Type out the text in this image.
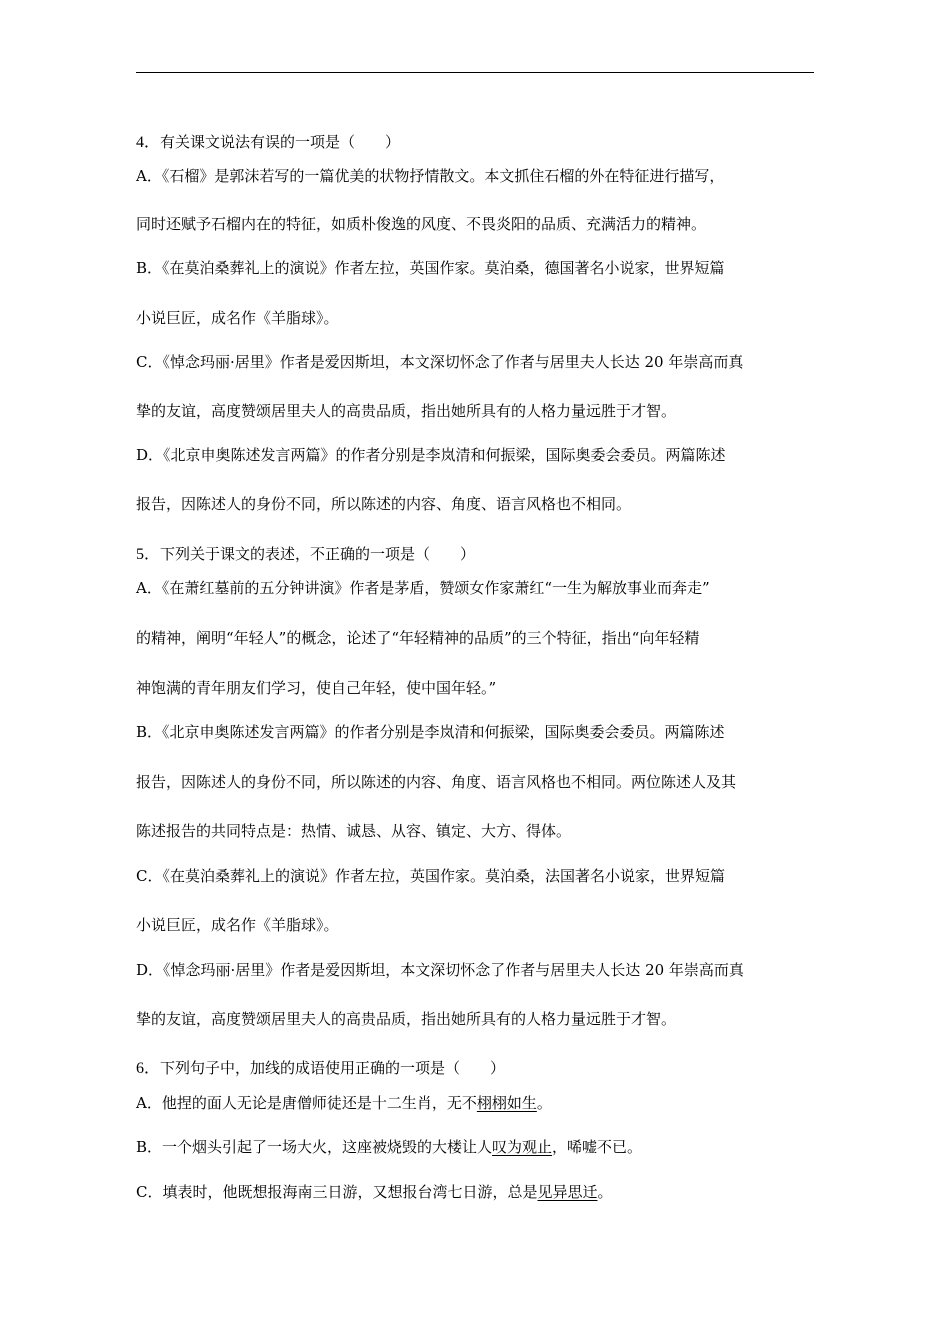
4．有关课文说法有误的一项是（　　）
A．《石榴》是郭沫若写的一篇优美的状物抒情散文。本文抓住石榴的外在特征进行描写，
同时还赋予石榴内在的特征，如质朴俊逸的风度、不畏炎阳的品质、充满活力的精神。
B．《在莫泊桑葬礼上的演说》作者左拉，英国作家。莫泊桑，德国著名小说家，世界短篇
小说巨匠，成名作《羊脂球》。
C．《悼念玛丽·居里》作者是爱因斯坦，本文深切怀念了作者与居里夫人长达 20 年崇高而真
挚的友谊，高度赞颂居里夫人的高贵品质，指出她所具有的人格力量远胜于才智。
D．《北京申奥陈述发言两篇》的作者分别是李岚清和何振梁，国际奥委会委员。两篇陈述
报告，因陈述人的身份不同，所以陈述的内容、角度、语言风格也不相同。
5．下列关于课文的表述，不正确的一项是（　　）
A．《在萧红墓前的五分钟讲演》作者是茅盾，赞颂女作家萧红“一生为解放事业而奔走”
的精神，阐明“年轻人”的概念，论述了“年轻精神的品质”的三个特征，指出“向年轻精
神饱满的青年朋友们学习，使自己年轻，使中国年轻。”
B．《北京申奥陈述发言两篇》的作者分别是李岚清和何振梁，国际奥委会委员。两篇陈述
报告，因陈述人的身份不同，所以陈述的内容、角度、语言风格也不相同。两位陈述人及其
陈述报告的共同特点是：热情、诚恳、从容、镇定、大方、得体。
C．《在莫泊桑葬礼上的演说》作者左拉，英国作家。莫泊桑，法国著名小说家，世界短篇
小说巨匠，成名作《羊脂球》。
D．《悼念玛丽·居里》作者是爱因斯坦，本文深切怀念了作者与居里夫人长达 20 年崇高而真
挚的友谊，高度赞颂居里夫人的高贵品质，指出她所具有的人格力量远胜于才智。
6．下列句子中，加线的成语使用正确的一项是（　　）
A．他捏的面人无论是唐僧师徒还是十二生肖，无不栩栩如生。
B．一个烟头引起了一场大火，这座被烧毁的大楼让人叹为观止，唏嘘不已。
C．填表时，他既想报海南三日游，又想报台湾七日游，总是见异思迁。
